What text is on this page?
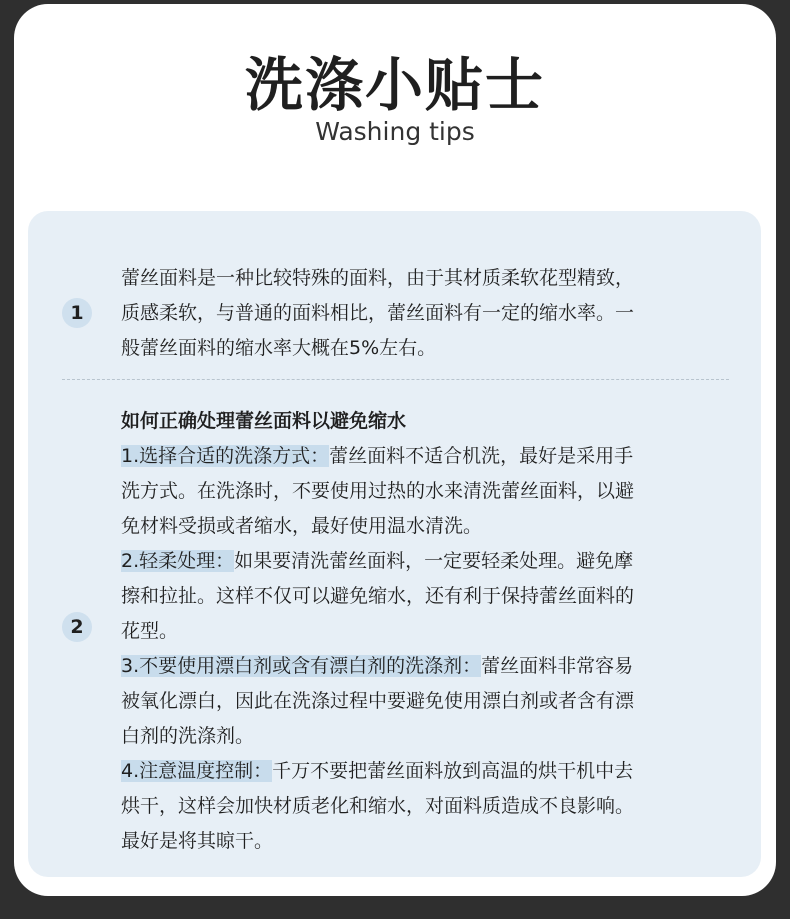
洗涤小贴士
Washing tips
1

蕾丝面料是一种比较特殊的面料，由于其材质柔软花型精致，

质感柔软，与普通的面料相比，蕾丝面料有一定的缩水率。一

般蕾丝面料的缩水率大概在5%左右。

2

如何正确处理蕾丝面料以避免缩水

1.选择合适的洗涤方式：蕾丝面料不适合机洗，最好是采用手

洗方式。在洗涤时，不要使用过热的水来清洗蕾丝面料，以避

免材料受损或者缩水，最好使用温水清洗。

2.轻柔处理：如果要清洗蕾丝面料，一定要轻柔处理。避免摩

擦和拉扯。这样不仅可以避免缩水，还有利于保持蕾丝面料的

花型。

3.不要使用漂白剂或含有漂白剂的洗涤剂：蕾丝面料非常容易

被氧化漂白，因此在洗涤过程中要避免使用漂白剂或者含有漂

白剂的洗涤剂。

4.注意温度控制：千万不要把蕾丝面料放到高温的烘干机中去

烘干，这样会加快材质老化和缩水，对面料质造成不良影响。

最好是将其晾干。
